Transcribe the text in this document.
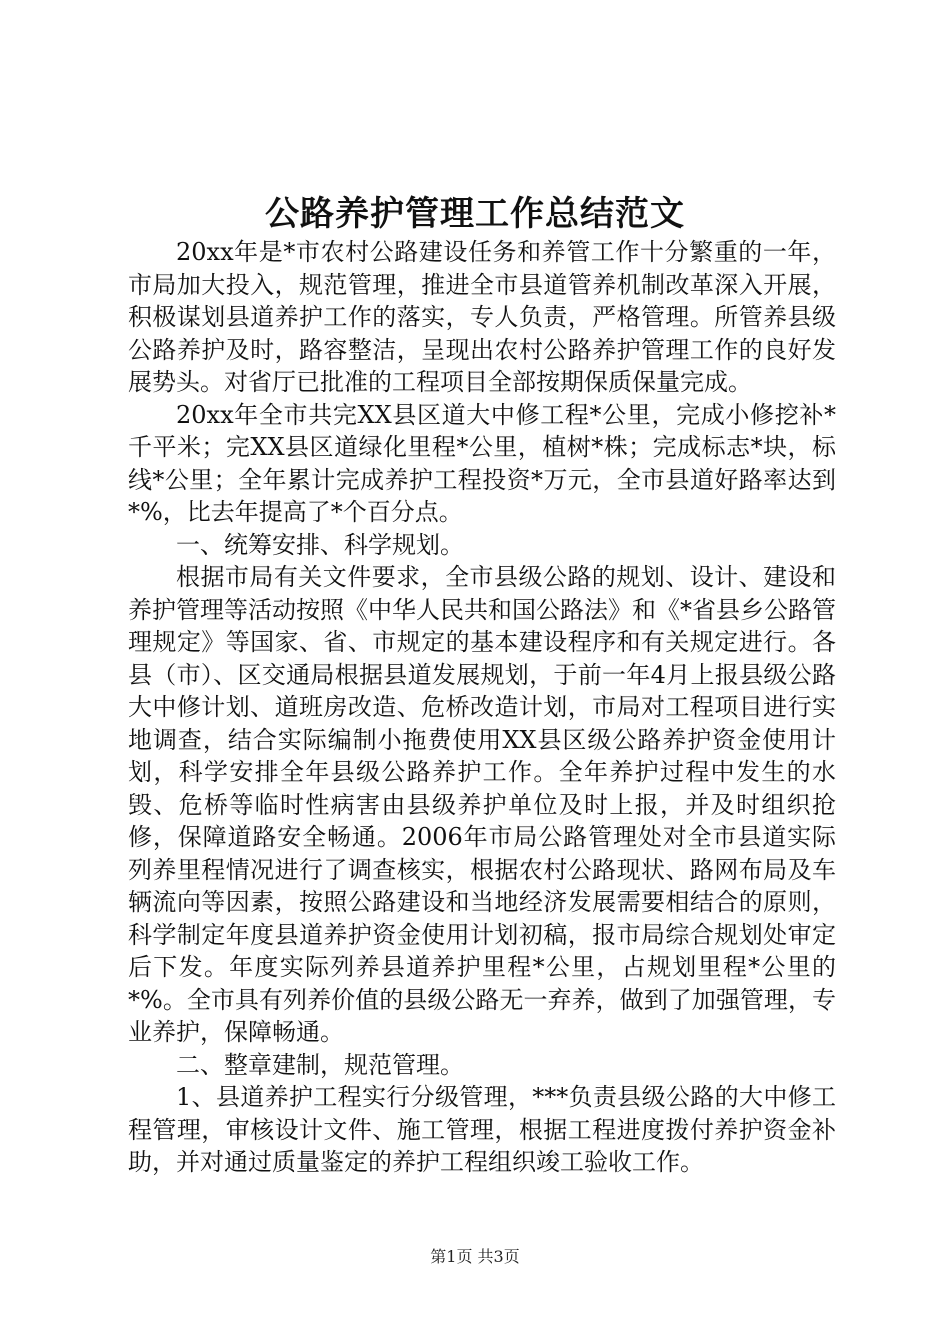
公路养护管理工作总结范文

20xx年是*市农村公路建设任务和养管工作十分繁重的一年，市局加大投入，规范管理，推进全市县道管养机制改革深入开展，积极谋划县道养护工作的落实，专人负责，严格管理。所管养县级公路养护及时，路容整洁，呈现出农村公路养护管理工作的良好发展势头。对省厅已批准的工程项目全部按期保质保量完成。

20xx年全市共完XX县区道大中修工程*公里，完成小修挖补*千平米；完XX县区道绿化里程*公里，植树*株；完成标志*块，标线*公里；全年累计完成养护工程投资*万元，全市县道好路率达到*%，比去年提高了*个百分点。

一、统筹安排、科学规划。

根据市局有关文件要求，全市县级公路的规划、设计、建设和养护管理等活动按照《中华人民共和国公路法》和《*省县乡公路管理规定》等国家、省、市规定的基本建设程序和有关规定进行。各县（市）、区交通局根据县道发展规划，于前一年4月上报县级公路大中修计划、道班房改造、危桥改造计划，市局对工程项目进行实地调查，结合实际编制小拖费使用XX县区级公路养护资金使用计划，科学安排全年县级公路养护工作。全年养护过程中发生的水毁、危桥等临时性病害由县级养护单位及时上报，并及时组织抢修，保障道路安全畅通。2006年市局公路管理处对全市县道实际列养里程情况进行了调查核实，根据农村公路现状、路网布局及车辆流向等因素，按照公路建设和当地经济发展需要相结合的原则，科学制定年度县道养护资金使用计划初稿，报市局综合规划处审定后下发。年度实际列养县道养护里程*公里，占规划里程*公里的*%。全市具有列养价值的县级公路无一弃养，做到了加强管理，专业养护，保障畅通。

二、整章建制，规范管理。

1、县道养护工程实行分级管理，***负责县级公路的大中修工程管理，审核设计文件、施工管理，根据工程进度拨付养护资金补助，并对通过质量鉴定的养护工程组织竣工验收工作。

第1页 共3页
